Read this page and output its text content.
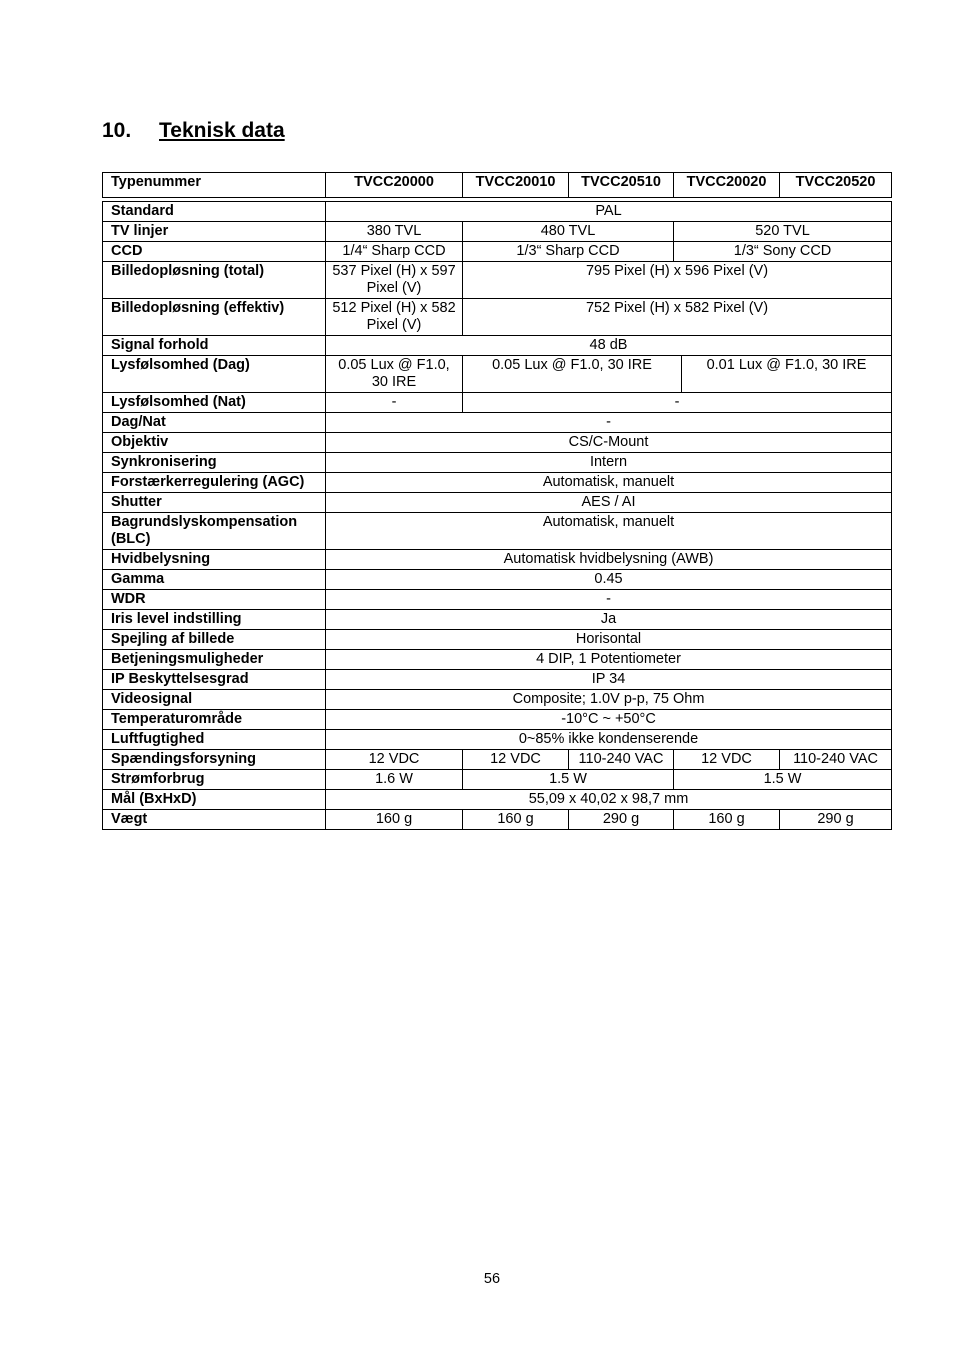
10. Teknisk data
Typenummer	TVCC20000	TVCC20010	TVCC20510	TVCC20020		TVCC20520

Standard	PAL					
TV linjer	380 TVL	480 TVL		520 TVL		
CCD	1/4“ Sharp CCD	1/3“ Sharp CCD		1/3“ Sony CCD		
Billedopløsning (total)	537 Pixel (H) x 597 Pixel (V)	795 Pixel (H) x 596 Pixel (V)				
Billedopløsning (effektiv)	512 Pixel (H) x 582 Pixel (V)	752 Pixel (H) x 582 Pixel (V)				
Signal forhold	48 dB					
Lysfølsomhed (Dag)	0.05 Lux @ F1.0, 30 IRE	0.05 Lux @ F1.0, 30 IRE			0.01 Lux @ F1.0, 30 IRE	
Lysfølsomhed (Nat)	-	-				
Dag/Nat	-					
Objektiv	CS/C-Mount					
Synkronisering	Intern					
Forstærkerregulering (AGC)	Automatisk, manuelt					
Shutter	AES / AI					
Bagrundslyskompensation (BLC)	Automatisk, manuelt					
Hvidbelysning	Automatisk hvidbelysning (AWB)					
Gamma	0.45					
WDR	-					
Iris level indstilling	Ja					
Spejling af billede	Horisontal					
Betjeningsmuligheder	4 DIP, 1 Potentiometer					
IP Beskyttelsesgrad	IP 34					
Videosignal	Composite; 1.0V p-p, 75 Ohm					
Temperaturområde	-10°C ~ +50°C					
Luftfugtighed	0~85% ikke kondenserende					
Spændingsforsyning	12 VDC	12 VDC	110-240 VAC	12 VDC		110-240 VAC
Strømforbrug	1.6 W	1.5 W		1.5 W		
Mål (BxHxD)	55,09 x 40,02 x 98,7 mm					
Vægt	160 g	160 g	290 g	160 g		290 g
56
